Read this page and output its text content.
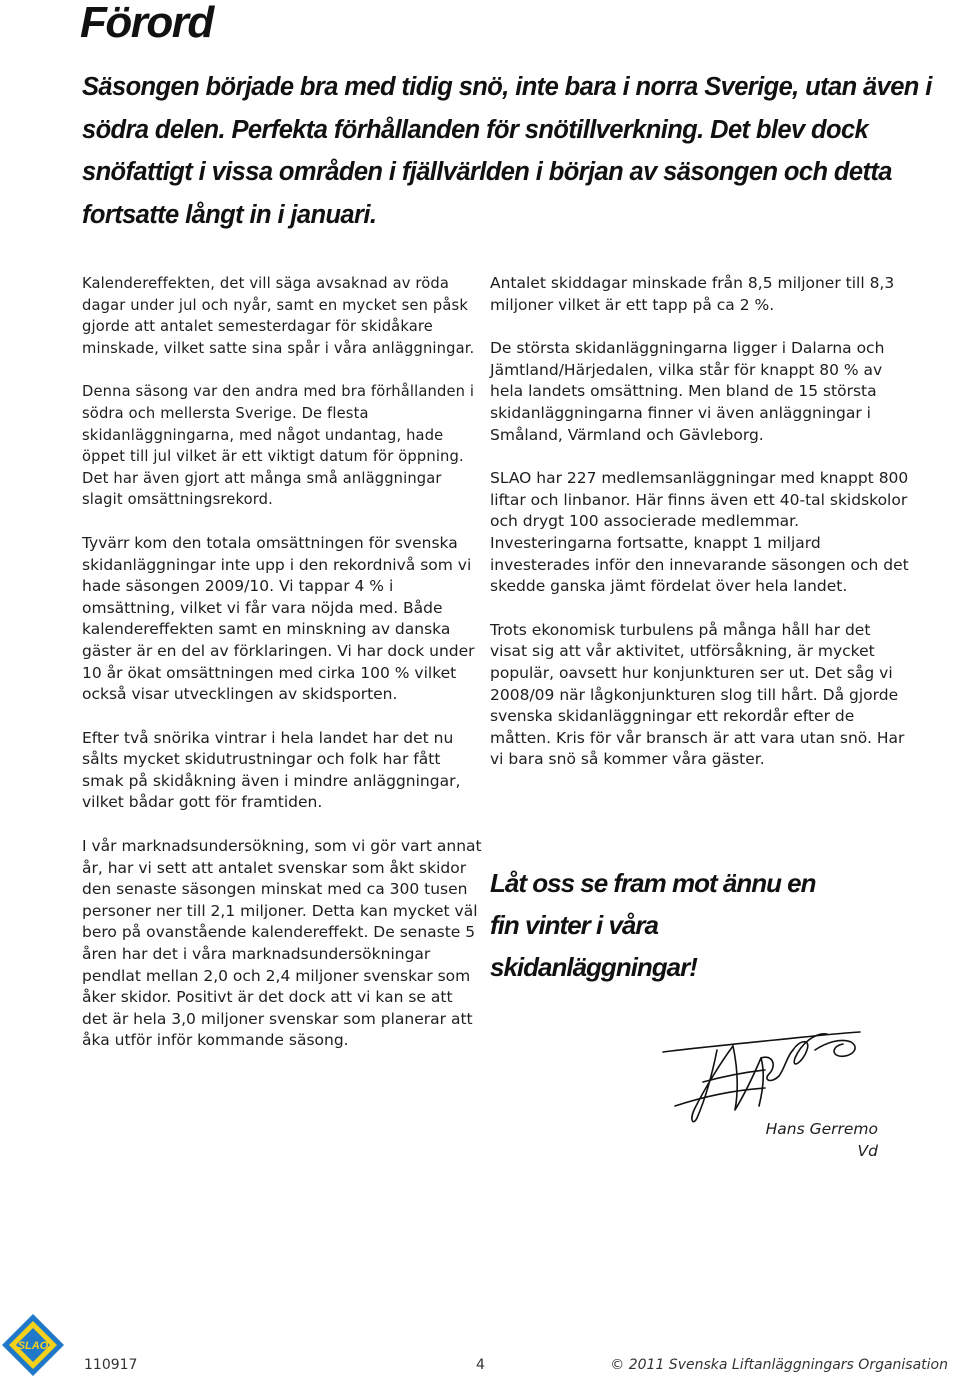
Förord

Säsongen började bra med tidig snö, inte bara i norra Sverige, utan även i södra delen. Perfekta förhållanden för snötillverkning. Det blev dock snöfattigt i vissa områden i fjällvärlden i början av säsongen och detta fortsatte långt in i januari.

Kalendereffekten, det vill säga avsaknad av röda dagar under jul och nyår, samt en mycket sen påsk gjorde att antalet semesterdagar för skidåkare minskade, vilket satte sina spår i våra anläggningar.

Denna säsong var den andra med bra förhållanden i södra och mellersta Sverige. De flesta skidanläggningarna, med något undantag, hade öppet till jul vilket är ett viktigt datum för öppning. Det har även gjort att många små anläggningar slagit omsättningsrekord.

Tyvärr kom den totala omsättningen för svenska skidanläggningar inte upp i den rekordnivå som vi hade säsongen 2009/10. Vi tappar 4 % i omsättning, vilket vi får vara nöjda med. Både kalendereffekten samt en minskning av danska gäster är en del av förklaringen. Vi har dock under 10 år ökat omsättningen med cirka 100 % vilket också visar utvecklingen av skidsporten.

Efter två snörika vintrar i hela landet har det nu sålts mycket skidutrustningar och folk har fått smak på skidåkning även i mindre anläggningar, vilket bådar gott för framtiden.

I vår marknadsundersökning, som vi gör vart annat år, har vi sett att antalet svenskar som åkt skidor den senaste säsongen minskat med ca 300 tusen personer ner till 2,1 miljoner. Detta kan mycket väl bero på ovanstående kalendereffekt. De senaste 5 åren har det i våra marknadsundersökningar pendlat mellan 2,0 och 2,4 miljoner svenskar som åker skidor. Positivt är det dock att vi kan se att det är hela 3,0 miljoner svenskar som planerar att åka utför inför kommande säsong.

Antalet skiddagar minskade från 8,5 miljoner till 8,3 miljoner vilket är ett tapp på ca 2 %.

De största skidanläggningarna ligger i Dalarna och Jämtland/Härjedalen, vilka står för knappt 80 % av hela landets omsättning. Men bland de 15 största skidanläggningarna finner vi även anläggningar i Småland, Värmland och Gävleborg.

SLAO har 227 medlemsanläggningar med knappt 800 liftar och linbanor. Här finns även ett 40-tal skidskolor och drygt 100 associerade medlemmar. Investeringarna fortsatte, knappt 1 miljard investerades inför den innevarande säsongen och det skedde ganska jämt fördelat över hela landet.

Trots ekonomisk turbulens på många håll har det visat sig att vår aktivitet, utförsåkning, är mycket populär, oavsett hur konjunkturen ser ut. Det såg vi 2008/09 när lågkonjunkturen slog till hårt. Då gjorde svenska skidanläggningar ett rekordår efter de måtten. Kris för vår bransch är att vara utan snö. Har vi bara snö så kommer våra gäster.

Låt oss se fram mot ännu en fin vinter i våra skidanläggningar!

Hans Gerremo
Vd
SLAO
110917	4	© 2011 Svenska Liftanläggningars Organisation
